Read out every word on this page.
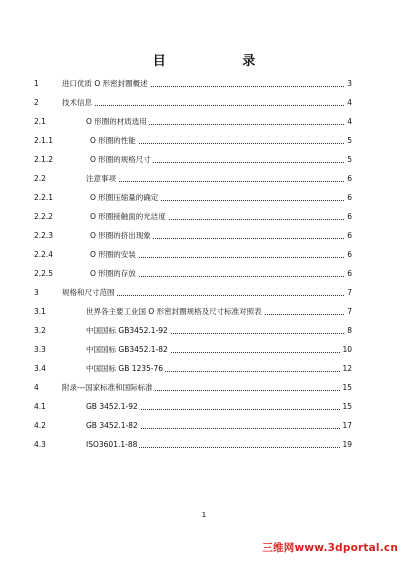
目 录
1	进口优质 O 形密封圈概述	3
2	技术信息	4
2.1	O 形圈的材质选用	4
2.1.1	O 形圈的性能	5
2.1.2	O 形圈的规格尺寸	5
2.2	注意事项	6
2.2.1	O 形圈压缩量的确定	6
2.2.2	O 形圈接触面的光洁度	6
2.2.3	O 形圈的挤出现象	6
2.2.4	O 形圈的安装	6
2.2.5	O 形圈的存放	6
3	规格和尺寸范围	7
3.1	世界各主要工业国 O 形密封圈规格及尺寸标准对照表	7
3.2	中国国标 GB3452.1-92	8
3.3	中国国标 GB3452.1-82	10
3.4	中国国标 GB 1235-76	12
4	附录---国家标准和国际标准	15
4.1	GB 3452.1-92	15
4.2	GB 3452.1-82	17
4.3	ISO3601.1-88	19
1
三维网www.3dportal.cn
